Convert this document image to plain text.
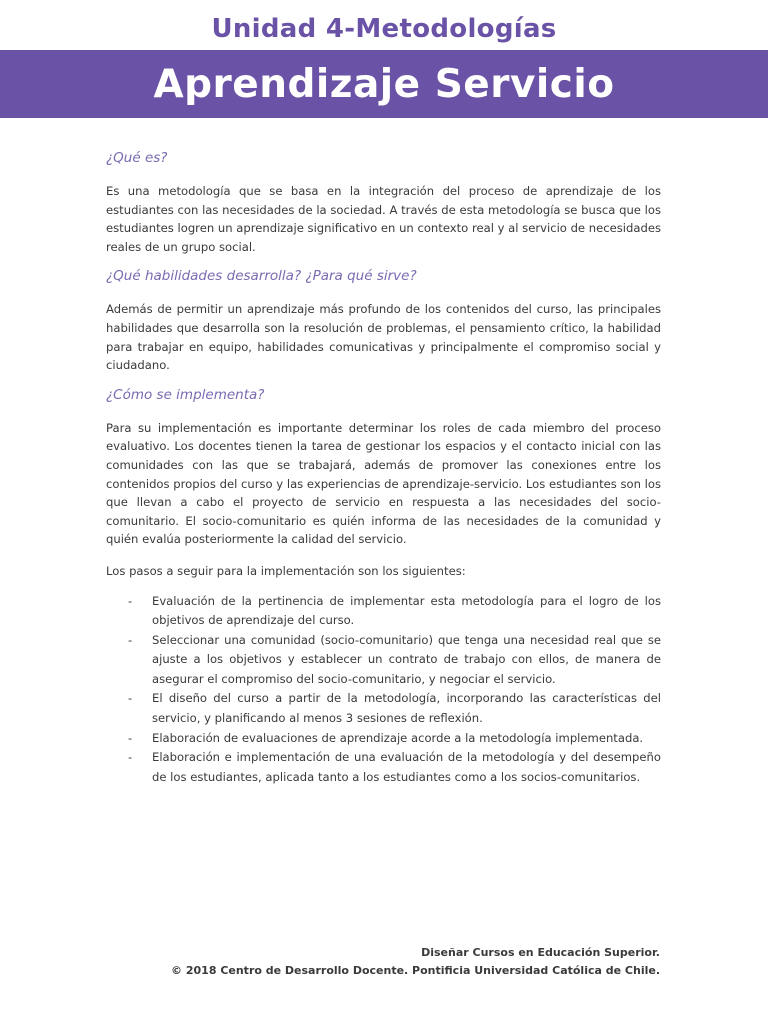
Unidad 4-Metodologías
Aprendizaje Servicio
¿Qué es?

Es una metodología que se basa en la integración del proceso de aprendizaje de los estudiantes con las necesidades de la sociedad. A través de esta metodología se busca que los estudiantes logren un aprendizaje significativo en un contexto real y al servicio de necesidades reales de un grupo social.

¿Qué habilidades desarrolla? ¿Para qué sirve?

Además de permitir un aprendizaje más profundo de los contenidos del curso, las principales habilidades que desarrolla son la resolución de problemas, el pensamiento crítico, la habilidad para trabajar en equipo, habilidades comunicativas y principalmente el compromiso social y ciudadano.

¿Cómo se implementa?

Para su implementación es importante determinar los roles de cada miembro del proceso evaluativo. Los docentes tienen la tarea de gestionar los espacios y el contacto inicial con las comunidades con las que se trabajará, además de promover las conexiones entre los contenidos propios del curso y las experiencias de aprendizaje-servicio. Los estudiantes son los que llevan a cabo el proyecto de servicio en respuesta a las necesidades del socio-comunitario. El socio-comunitario es quién informa de las necesidades de la comunidad y quién evalúa posteriormente la calidad del servicio.

Los pasos a seguir para la implementación son los siguientes:

- Evaluación de la pertinencia de implementar esta metodología para el logro de los objetivos de aprendizaje del curso.
- Seleccionar una comunidad (socio-comunitario) que tenga una necesidad real que se ajuste a los objetivos y establecer un contrato de trabajo con ellos, de manera de asegurar el compromiso del socio-comunitario, y negociar el servicio.
- El diseño del curso a partir de la metodología, incorporando las características del servicio, y planificando al menos 3 sesiones de reflexión.
- Elaboración de evaluaciones de aprendizaje acorde a la metodología implementada.
- Elaboración e implementación de una evaluación de la metodología y del desempeño de los estudiantes, aplicada tanto a los estudiantes como a los socios-comunitarios.
Diseñar Cursos en Educación Superior.
© 2018 Centro de Desarrollo Docente. Pontificia Universidad Católica de Chile.
